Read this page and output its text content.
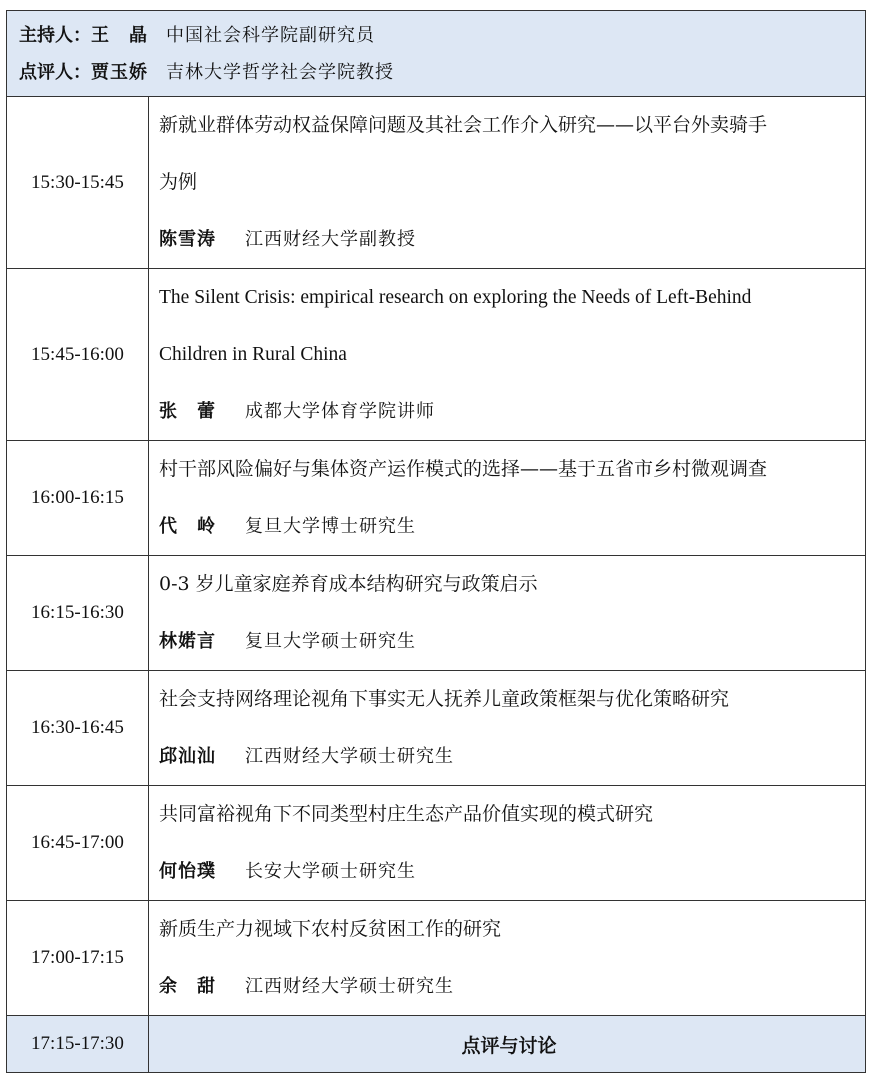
主持人：王　晶 中国社会科学院副研究员
点评人：贾玉娇 吉林大学哲学社会学院教授
15:30-15:45	新就业群体劳动权益保障问题及其社会工作介入研究——以平台外卖骑手
为例
陈雪涛 江西财经大学副教授

15:45-16:00	The Silent Crisis: empirical research on exploring the Needs of Left-Behind
Children in Rural China
张　蕾 成都大学体育学院讲师

16:00-16:15	村干部风险偏好与集体资产运作模式的选择——基于五省市乡村微观调查
代　岭 复旦大学博士研究生

16:15-16:30	0-3 岁儿童家庭养育成本结构研究与政策启示
林婼言 复旦大学硕士研究生

16:30-16:45	社会支持网络理论视角下事实无人抚养儿童政策框架与优化策略研究
邱汕汕 江西财经大学硕士研究生

16:45-17:00	共同富裕视角下不同类型村庄生态产品价值实现的模式研究
何怡璞 长安大学硕士研究生

17:00-17:15	新质生产力视域下农村反贫困工作的研究
余　甜 江西财经大学硕士研究生

17:15-17:30	点评与讨论
